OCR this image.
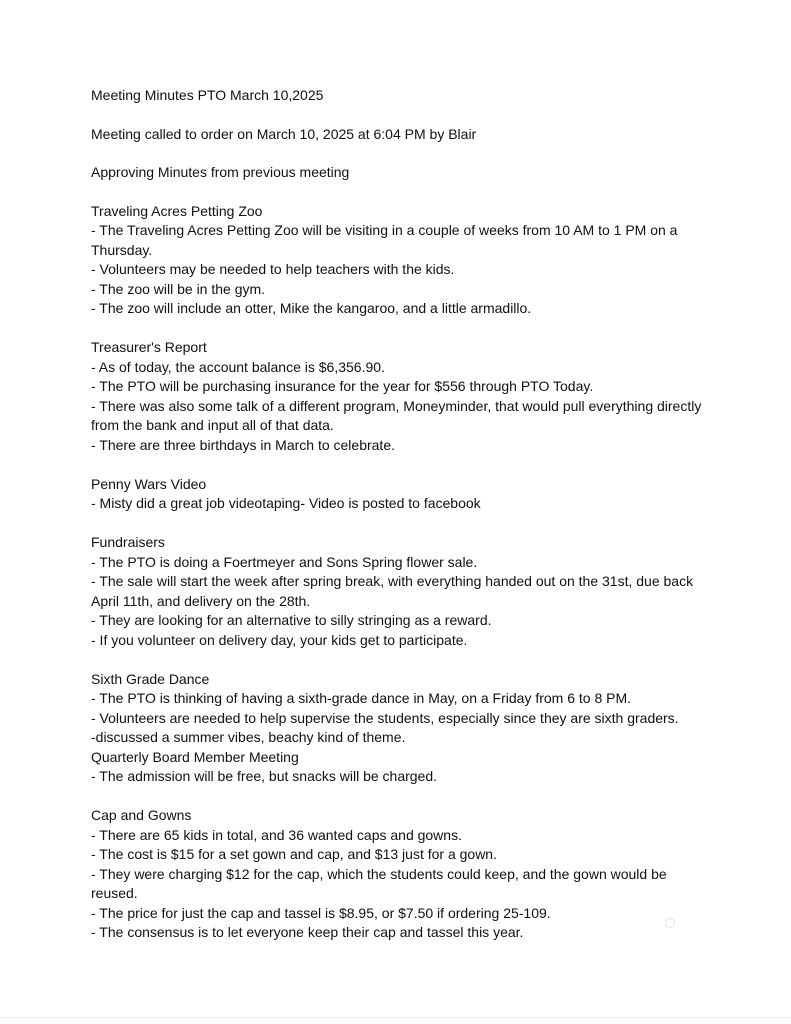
Meeting Minutes PTO March 10,2025

Meeting called to order on March 10, 2025 at 6:04 PM by Blair

Approving Minutes from previous meeting

Traveling Acres Petting Zoo

- The Traveling Acres Petting Zoo will be visiting in a couple of weeks from 10 AM to 1 PM on a Thursday.

- Volunteers may be needed to help teachers with the kids.

- The zoo will be in the gym.

- The zoo will include an otter, Mike the kangaroo, and a little armadillo.

Treasurer's Report

- As of today, the account balance is $6,356.90.

- The PTO will be purchasing insurance for the year for $556 through PTO Today.

- There was also some talk of a different program, Moneyminder, that would pull everything directly from the bank and input all of that data.

- There are three birthdays in March to celebrate.

Penny Wars Video

- Misty did a great job videotaping- Video is posted to facebook

Fundraisers

- The PTO is doing a Foertmeyer and Sons Spring flower sale.

- The sale will start the week after spring break, with everything handed out on the 31st, due back April 11th, and delivery on the 28th.

- They are looking for an alternative to silly stringing as a reward.

- If you volunteer on delivery day, your kids get to participate.

Sixth Grade Dance

- The PTO is thinking of having a sixth-grade dance in May, on a Friday from 6 to 8 PM.

- Volunteers are needed to help supervise the students, especially since they are sixth graders.

-discussed a summer vibes, beachy kind of theme.

Quarterly Board Member Meeting

- The admission will be free, but snacks will be charged.

Cap and Gowns

- There are 65 kids in total, and 36 wanted caps and gowns.

- The cost is $15 for a set gown and cap, and $13 just for a gown.

- They were charging $12 for the cap, which the students could keep, and the gown would be reused.

- The price for just the cap and tassel is $8.95, or $7.50 if ordering 25-109.

- The consensus is to let everyone keep their cap and tassel this year.
